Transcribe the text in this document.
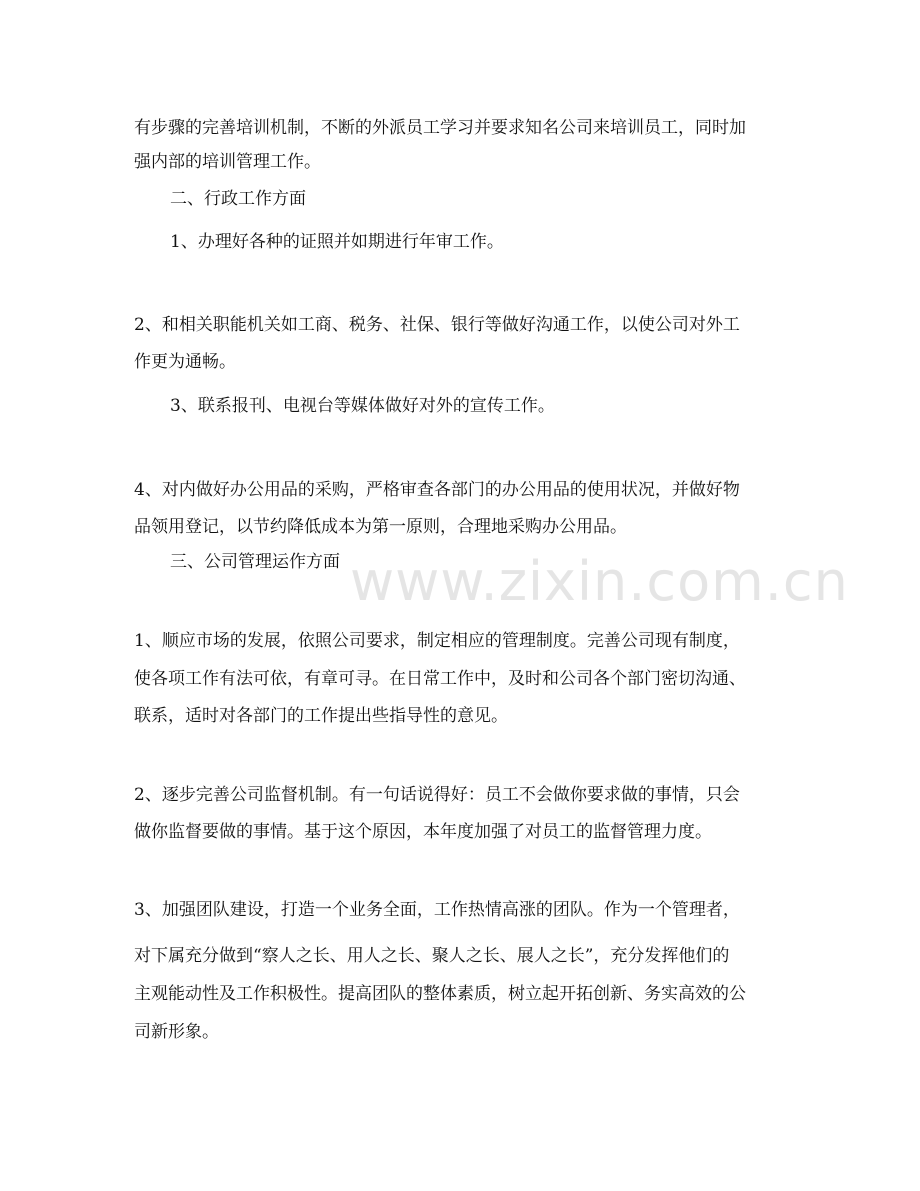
www.zixin.com.cn
有步骤的完善培训机制，不断的外派员工学习并要求知名公司来培训员工，同时加
强内部的培训管理工作。
二、行政工作方面
1、办理好各种的证照并如期进行年审工作。
2、和相关职能机关如工商、税务、社保、银行等做好沟通工作，以使公司对外工
作更为通畅。
3、联系报刊、电视台等媒体做好对外的宣传工作。
4、对内做好办公用品的采购，严格审查各部门的办公用品的使用状况，并做好物
品领用登记，以节约降低成本为第一原则，合理地采购办公用品。
三、公司管理运作方面
1、顺应市场的发展，依照公司要求，制定相应的管理制度。完善公司现有制度，
使各项工作有法可依，有章可寻。在日常工作中，及时和公司各个部门密切沟通、
联系，适时对各部门的工作提出些指导性的意见。
2、逐步完善公司监督机制。有一句话说得好：员工不会做你要求做的事情，只会
做你监督要做的事情。基于这个原因，本年度加强了对员工的监督管理力度。
3、加强团队建设，打造一个业务全面，工作热情高涨的团队。作为一个管理者，
对下属充分做到“察人之长、用人之长、聚人之长、展人之长”，充分发挥他们的
主观能动性及工作积极性。提高团队的整体素质，树立起开拓创新、务实高效的公
司新形象。
